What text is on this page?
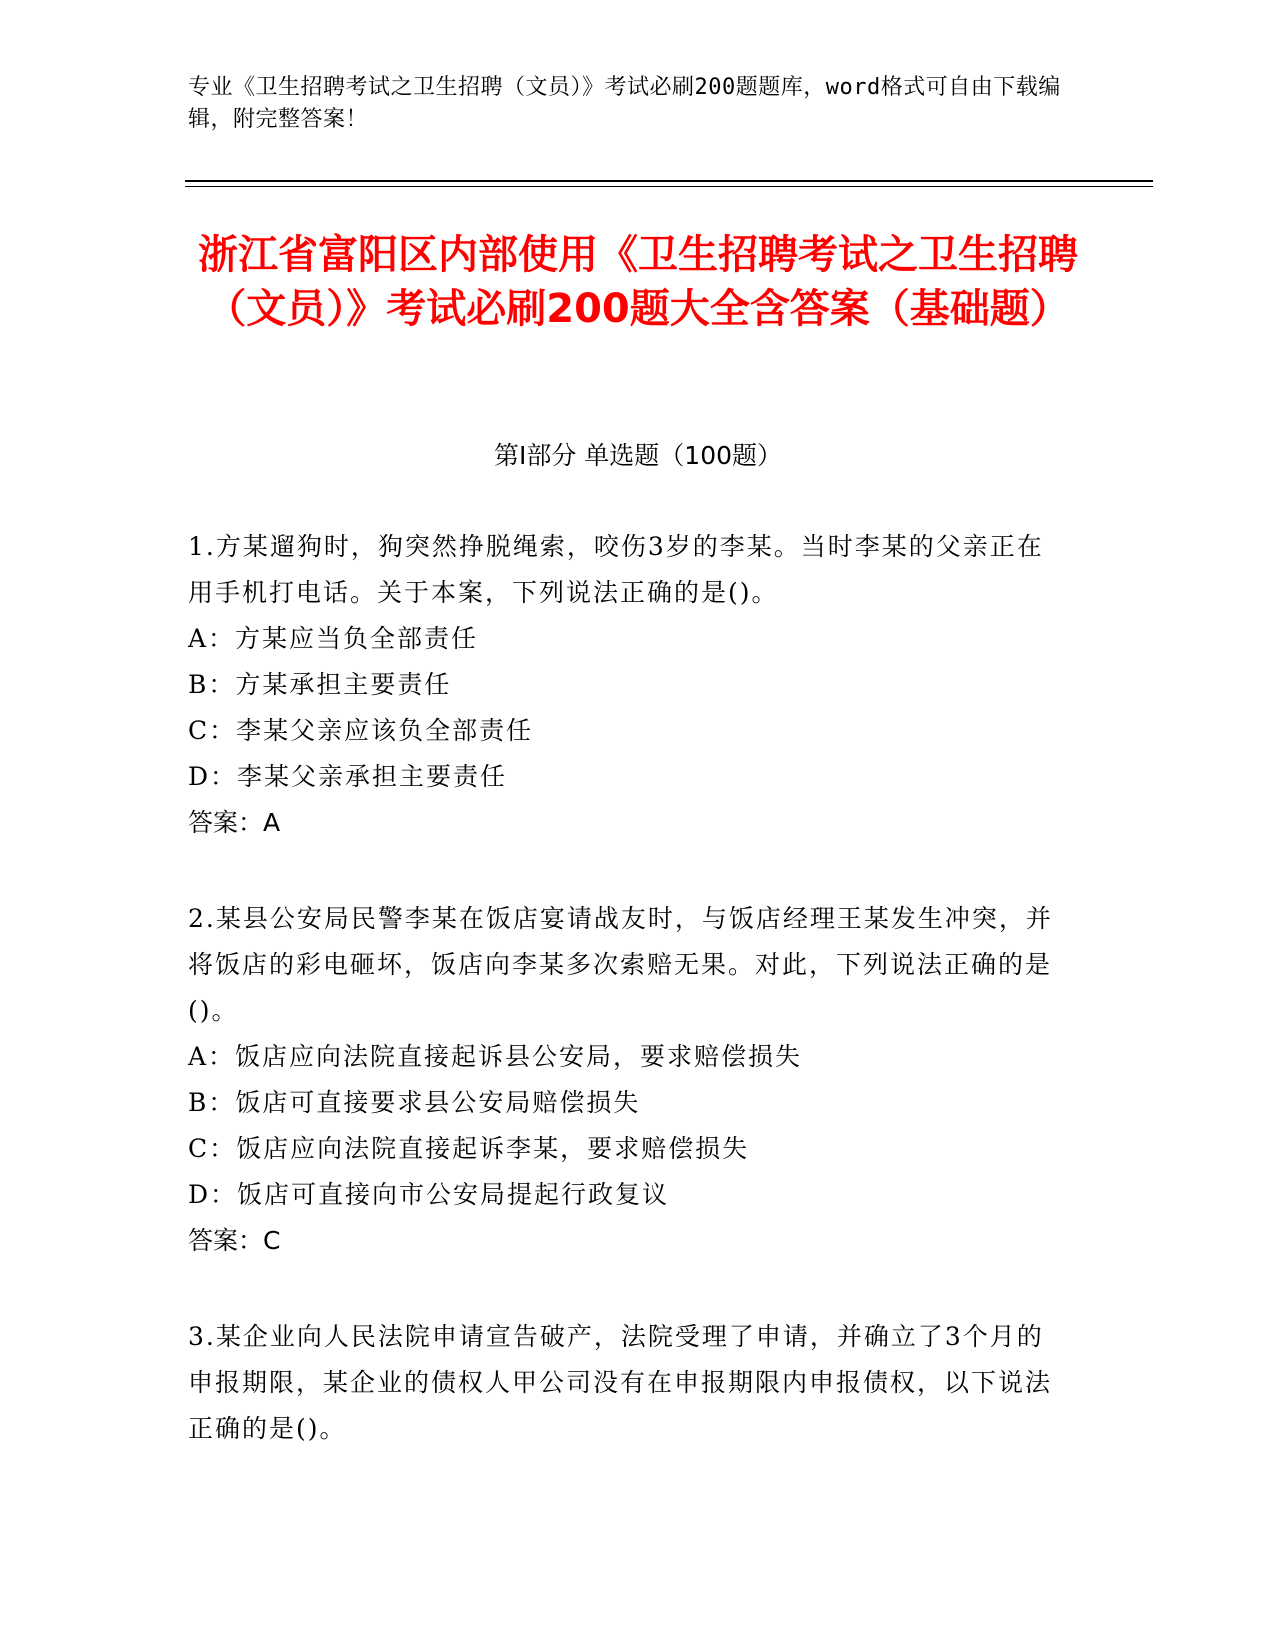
专业《卫生招聘考试之卫生招聘（文员）》考试必刷200题题库，word格式可自由下载编辑，附完整答案！
浙江省富阳区内部使用《卫生招聘考试之卫生招聘（文员）》考试必刷200题大全含答案（基础题）
第I部分 单选题（100题）
1.方某遛狗时，狗突然挣脱绳索，咬伤3岁的李某。当时李某的父亲正在用手机打电话。关于本案，下列说法正确的是()。
A：方某应当负全部责任
B：方某承担主要责任
C：李某父亲应该负全部责任
D：李某父亲承担主要责任
答案：A
2.某县公安局民警李某在饭店宴请战友时，与饭店经理王某发生冲突，并将饭店的彩电砸坏，饭店向李某多次索赔无果。对此，下列说法正确的是()。
A：饭店应向法院直接起诉县公安局，要求赔偿损失
B：饭店可直接要求县公安局赔偿损失
C：饭店应向法院直接起诉李某，要求赔偿损失
D：饭店可直接向市公安局提起行政复议
答案：C
3.某企业向人民法院申请宣告破产，法院受理了申请，并确立了3个月的申报期限，某企业的债权人甲公司没有在申报期限内申报债权，以下说法正确的是()。
